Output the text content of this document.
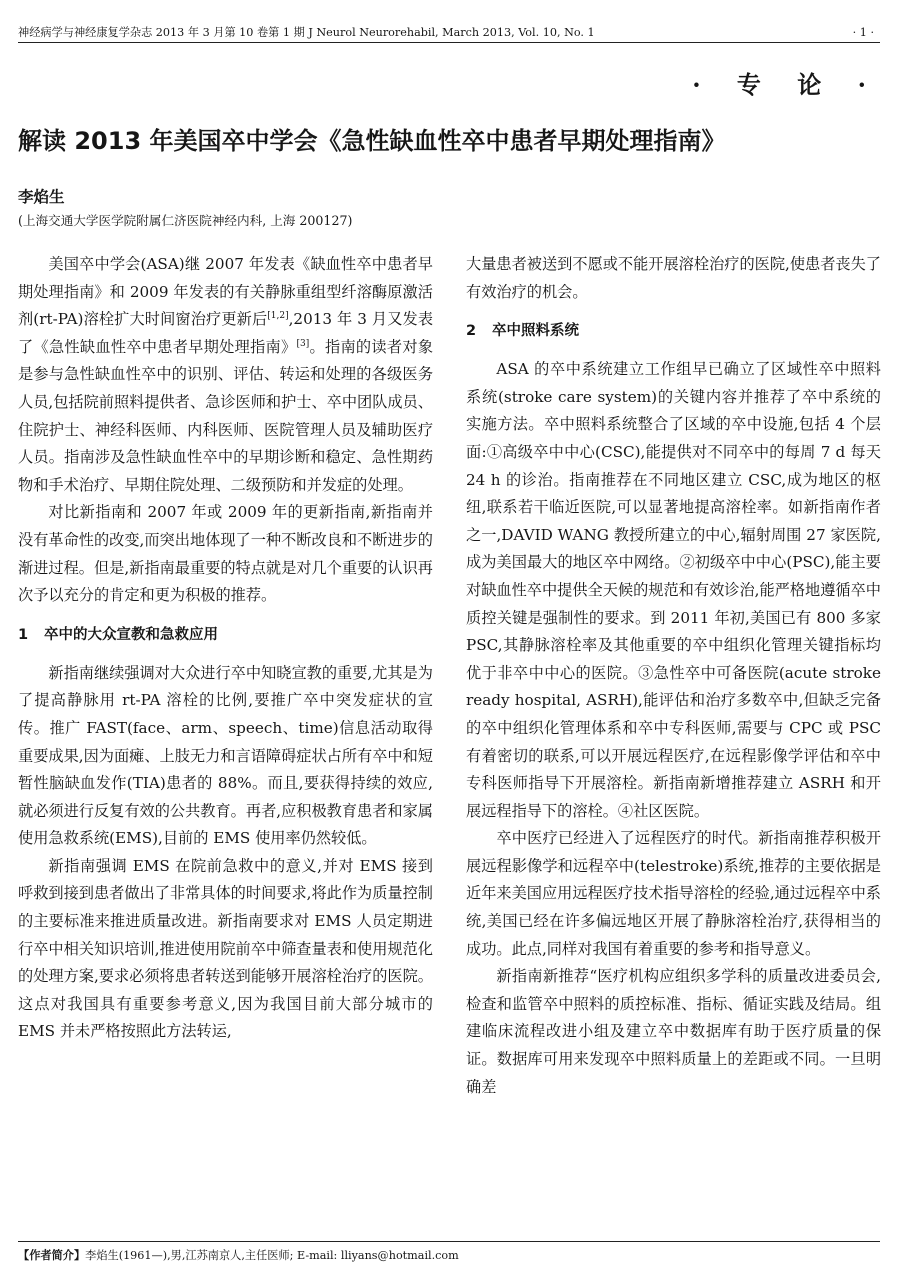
神经病学与神经康复学杂志 2013 年 3 月第 10 卷第 1 期 J Neurol Neurorehabil, March 2013, Vol. 10, No. 1	· 1 ·
· 专 论 ·
解读 2013 年美国卒中学会《急性缺血性卒中患者早期处理指南》
李焰生
(上海交通大学医学院附属仁济医院神经内科, 上海 200127)

美国卒中学会(ASA)继 2007 年发表《缺血性卒中患者早期处理指南》和 2009 年发表的有关静脉重组型纤溶酶原激活剂(rt-PA)溶栓扩大时间窗治疗更新后[1,2],2013 年 3 月又发表了《急性缺血性卒中患者早期处理指南》[3]。指南的读者对象是参与急性缺血性卒中的识别、评估、转运和处理的各级医务人员,包括院前照料提供者、急诊医师和护士、卒中团队成员、住院护士、神经科医师、内科医师、医院管理人员及辅助医疗人员。指南涉及急性缺血性卒中的早期诊断和稳定、急性期药物和手术治疗、早期住院处理、二级预防和并发症的处理。

对比新指南和 2007 年或 2009 年的更新指南,新指南并没有革命性的改变,而突出地体现了一种不断改良和不断进步的渐进过程。但是,新指南最重要的特点就是对几个重要的认识再次予以充分的肯定和更为积极的推荐。

1 卒中的大众宣教和急救应用

新指南继续强调对大众进行卒中知晓宣教的重要,尤其是为了提高静脉用 rt-PA 溶栓的比例,要推广卒中突发症状的宣传。推广 FAST(face、arm、speech、time)信息活动取得重要成果,因为面瘫、上肢无力和言语障碍症状占所有卒中和短暂性脑缺血发作(TIA)患者的 88%。而且,要获得持续的效应,就必须进行反复有效的公共教育。再者,应积极教育患者和家属使用急救系统(EMS),目前的 EMS 使用率仍然较低。

新指南强调 EMS 在院前急救中的意义,并对 EMS 接到呼救到接到患者做出了非常具体的时间要求,将此作为质量控制的主要标准来推进质量改进。新指南要求对 EMS 人员定期进行卒中相关知识培训,推进使用院前卒中筛查量表和使用规范化的处理方案,要求必须将患者转送到能够开展溶栓治疗的医院。这点对我国具有重要参考意义,因为我国目前大部分城市的 EMS 并未严格按照此方法转运,

大量患者被送到不愿或不能开展溶栓治疗的医院,使患者丧失了有效治疗的机会。

2 卒中照料系统

ASA 的卒中系统建立工作组早已确立了区域性卒中照料系统(stroke care system)的关键内容并推荐了卒中系统的实施方法。卒中照料系统整合了区域的卒中设施,包括 4 个层面:①高级卒中中心(CSC),能提供对不同卒中的每周 7 d 每天 24 h 的诊治。指南推荐在不同地区建立 CSC,成为地区的枢纽,联系若干临近医院,可以显著地提高溶栓率。如新指南作者之一,DAVID WANG 教授所建立的中心,辐射周围 27 家医院,成为美国最大的地区卒中网络。②初级卒中中心(PSC),能主要对缺血性卒中提供全天候的规范和有效诊治,能严格地遵循卒中质控关键是强制性的要求。到 2011 年初,美国已有 800 多家 PSC,其静脉溶栓率及其他重要的卒中组织化管理关键指标均优于非卒中中心的医院。③急性卒中可备医院(acute stroke ready hospital, ASRH),能评估和治疗多数卒中,但缺乏完备的卒中组织化管理体系和卒中专科医师,需要与 CPC 或 PSC 有着密切的联系,可以开展远程医疗,在远程影像学评估和卒中专科医师指导下开展溶栓。新指南新增推荐建立 ASRH 和开展远程指导下的溶栓。④社区医院。

卒中医疗已经进入了远程医疗的时代。新指南推荐积极开展远程影像学和远程卒中(telestroke)系统,推荐的主要依据是近年来美国应用远程医疗技术指导溶栓的经验,通过远程卒中系统,美国已经在许多偏远地区开展了静脉溶栓治疗,获得相当的成功。此点,同样对我国有着重要的参考和指导意义。

新指南新推荐“医疗机构应组织多学科的质量改进委员会,检查和监管卒中照料的质控标准、指标、循证实践及结局。组建临床流程改进小组及建立卒中数据库有助于医疗质量的保证。数据库可用来发现卒中照料质量上的差距或不同。一旦明确差

【作者简介】李焰生(1961—),男,江苏南京人,主任医师; E-mail: lliyans@hotmail.com
